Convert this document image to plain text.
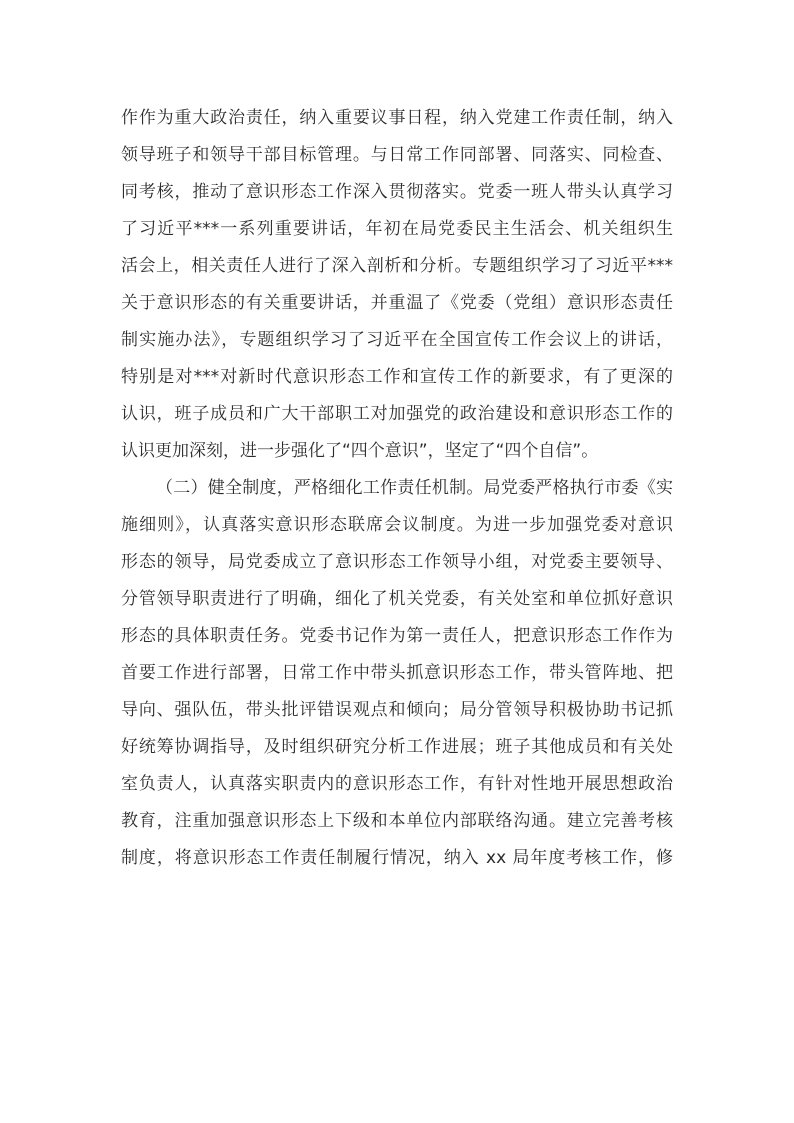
作作为重大政治责任，纳入重要议事日程，纳入党建工作责任制，纳入
领导班子和领导干部目标管理。与日常工作同部署、同落实、同检查、
同考核，推动了意识形态工作深入贯彻落实。党委一班人带头认真学习
了习近平***一系列重要讲话，年初在局党委民主生活会、机关组织生
活会上，相关责任人进行了深入剖析和分析。专题组织学习了习近平***
关于意识形态的有关重要讲话，并重温了《党委（党组）意识形态责任
制实施办法》，专题组织学习了习近平在全国宣传工作会议上的讲话，
特别是对***对新时代意识形态工作和宣传工作的新要求，有了更深的
认识，班子成员和广大干部职工对加强党的政治建设和意识形态工作的
认识更加深刻，进一步强化了“四个意识”，坚定了“四个自信”。
（二）健全制度，严格细化工作责任机制。局党委严格执行市委《实
施细则》，认真落实意识形态联席会议制度。为进一步加强党委对意识
形态的领导，局党委成立了意识形态工作领导小组，对党委主要领导、
分管领导职责进行了明确，细化了机关党委，有关处室和单位抓好意识
形态的具体职责任务。党委书记作为第一责任人，把意识形态工作作为
首要工作进行部署，日常工作中带头抓意识形态工作，带头管阵地、把
导向、强队伍，带头批评错误观点和倾向；局分管领导积极协助书记抓
好统筹协调指导，及时组织研究分析工作进展；班子其他成员和有关处
室负责人，认真落实职责内的意识形态工作，有针对性地开展思想政治
教育，注重加强意识形态上下级和本单位内部联络沟通。建立完善考核
制度，将意识形态工作责任制履行情况，纳入 xx 局年度考核工作，修
